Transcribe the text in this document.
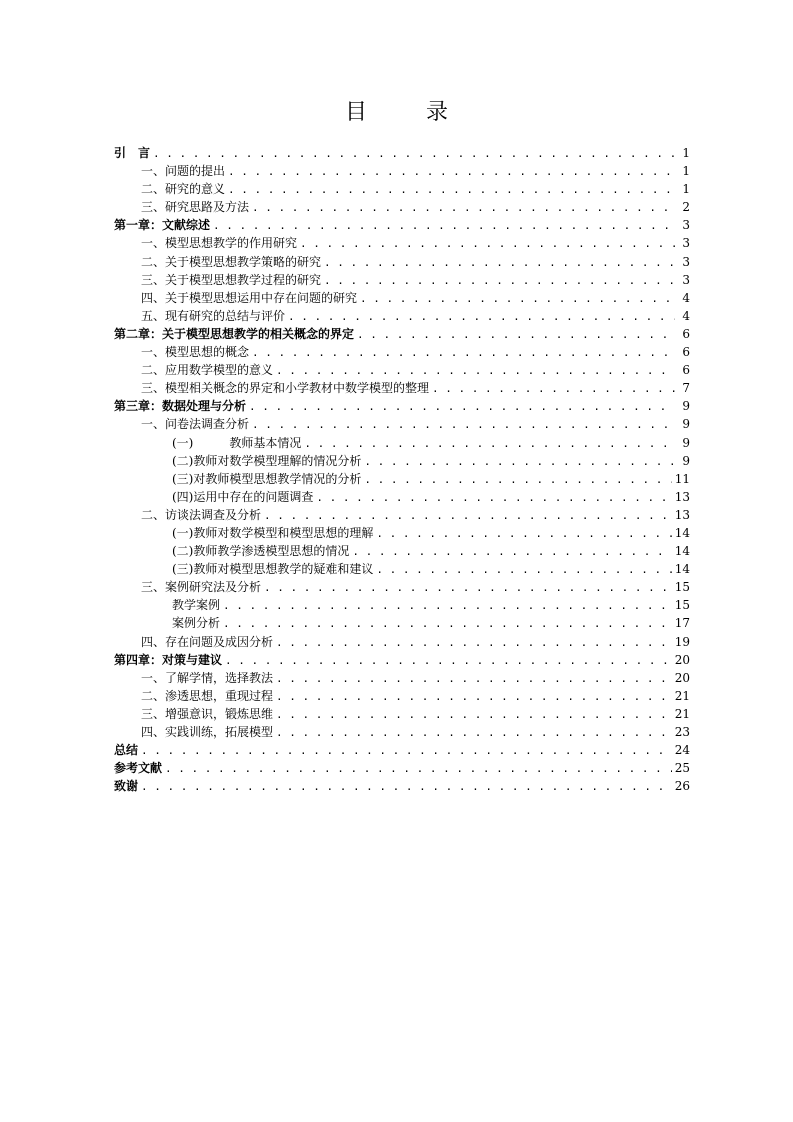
目 录
引　言 . . .	1
一、问题的提出 . . .	1
二、研究的意义 . . .	1
三、研究思路及方法 . . .	2
第一章：文献综述 . . .	3
一、模型思想教学的作用研究 . . .	3
二、关于模型思想教学策略的研究 . . .	3
三、关于模型思想教学过程的研究 . . .	3
四、关于模型思想运用中存在问题的研究 . . .	4
五、现有研究的总结与评价 . . .	4
第二章：关于模型思想教学的相关概念的界定 . . .	6
一、模型思想的概念 . . .	6
二、应用数学模型的意义 . . .	6
三、模型相关概念的界定和小学教材中数学模型的整理 . . .	7
第三章：数据处理与分析 . . .	9
一、问卷法调查分析 . . .	9
(一)	教师基本情况 . . .	9
(二)教师对数学模型理解的情况分析 . . .	9
(三)对教师模型思想教学情况的分析 . . .	11
(四)运用中存在的问题调查 . . .	13
二、访谈法调查及分析 . . .	13
(一)教师对数学模型和模型思想的理解 . . .	14
(二)教师教学渗透模型思想的情况 . . .	14
(三)教师对模型思想教学的疑难和建议 . . .	14
三、案例研究法及分析 . . .	15
教学案例 . . .	15
案例分析 . . .	17
四、存在问题及成因分析 . . .	19
第四章：对策与建议 . . .	20
一、了解学情，选择教法 . . .	20
二、渗透思想，重现过程 . . .	21
三、增强意识，锻炼思维 . . .	21
四、实践训练，拓展模型 . . .	23
总结 . . .	24
参考文献 . . .	25
致谢 . . .	26
